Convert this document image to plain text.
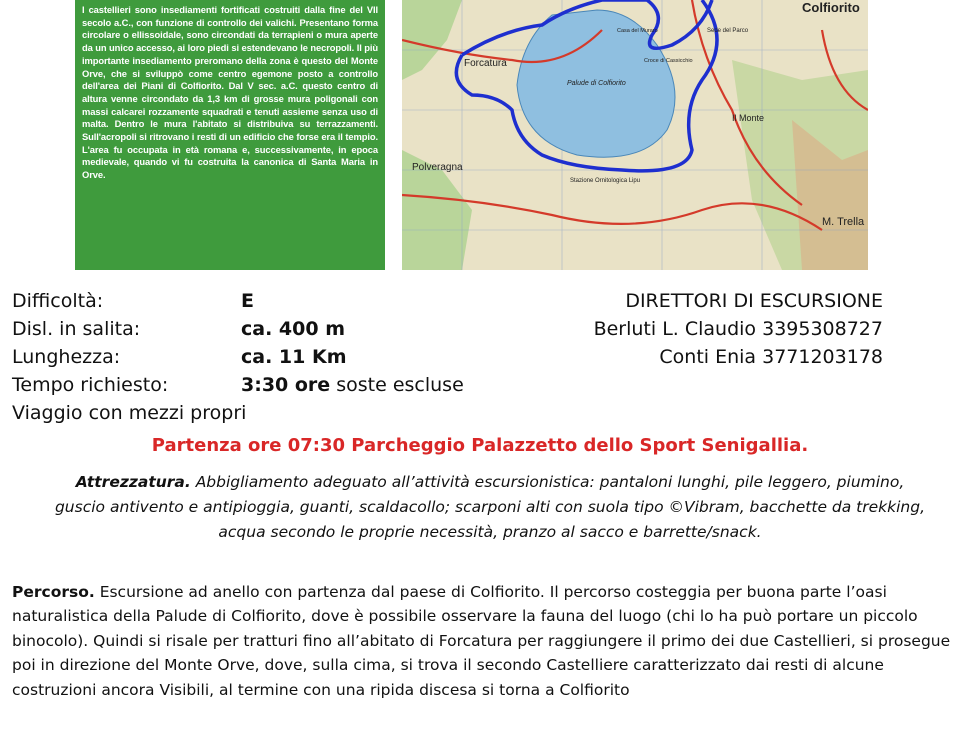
I castellieri sono insediamenti fortificati costruiti dalla fine del VII secolo a.C., con funzione di controllo dei valichi. Presentano forma circolare o ellissoidale, sono circondati da terrapieni o mura aperte da un unico accesso, ai loro piedi si estendevano le necropoli. Il più importante insediamento preromano della zona è questo del Monte Orve, che si sviluppò come centro egemone posto a controllo dell'area dei Piani di Colfiorito. Dal V sec. a.C. questo centro di altura venne circondato da 1,3 km di grosse mura poligonali con massi calcarei rozzamente squadrati e tenuti assieme senza uso di malta. Dentro le mura l'abitato si distribuiva su terrazzamenti. Sull'acropoli si ritrovano i resti di un edificio che forse era il tempio. L'area fu occupata in età romana e, successivamente, in epoca medievale, quando vi fu costruita la canonica di Santa Maria in Orve.
Colfiorito
Forcatura
Palude di Colfiorito
Polveragna
Il Monte
M. Trella
Sede del Parco
Stazione Ornitologica Lipu
Croce di Cassicchio
Casa del Muraro
Difficoltà:	E
Disl. in salita:	ca. 400 m
Lunghezza:	ca. 11 Km
Tempo richiesto:	3:30 ore soste escluse
Viaggio con mezzi propri
DIRETTORI DI ESCURSIONE
Berluti L. Claudio 3395308727
Conti Enia 3771203178
Partenza ore 07:30 Parcheggio Palazzetto dello Sport Senigallia.
Attrezzatura. Abbigliamento adeguato all’attività escursionistica: pantaloni lunghi, pile leggero, piumino, guscio antivento e antipioggia, guanti, scaldacollo; scarponi alti con suola tipo ©Vibram, bacchette da trekking, acqua secondo le proprie necessità, pranzo al sacco e barrette/snack.
Percorso. Escursione ad anello con partenza dal paese di Colfiorito. Il percorso costeggia per buona parte l’oasi naturalistica della Palude di Colfiorito, dove è possibile osservare la fauna del luogo (chi lo ha può portare un piccolo binocolo). Quindi si risale per tratturi fino all’abitato di Forcatura per raggiungere il primo dei due Castellieri, si prosegue poi in direzione del Monte Orve, dove, sulla cima, si trova il secondo Castelliere caratterizzato dai resti di alcune costruzioni ancora Visibili, al termine con una ripida discesa si torna a Colfiorito
